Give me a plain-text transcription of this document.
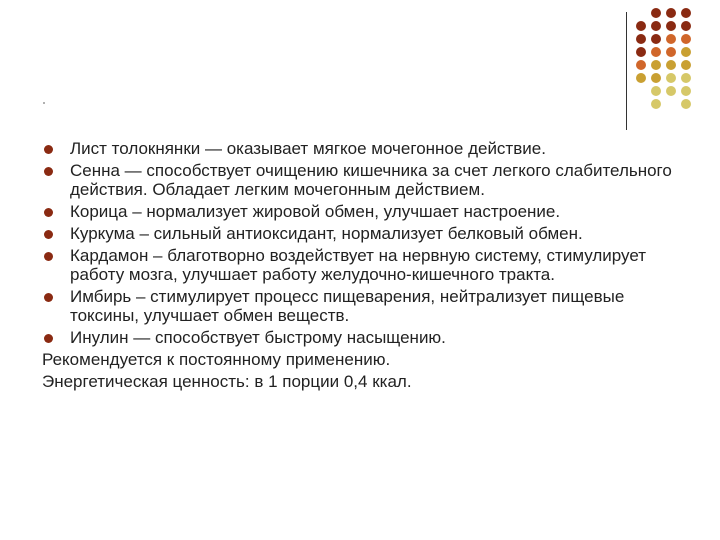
Лист толокнянки — оказывает мягкое мочегонное действие.
Сенна — способствует очищению кишечника за счет легкого слабительного действия. Обладает легким мочегонным действием.
Корица – нормализует жировой обмен, улучшает настроение.
Куркума – сильный антиоксидант, нормализует белковый обмен.
Кардамон – благотворно воздействует на нервную систему, стимулирует работу мозга, улучшает работу желудочно-кишечного тракта.
Имбирь – стимулирует процесс пищеварения, нейтрализует пищевые токсины, улучшает обмен веществ.
Инулин — способствует быстрому насыщению.
Рекомендуется к постоянному применению.
Энергетическая ценность: в 1 порции 0,4 ккал.
